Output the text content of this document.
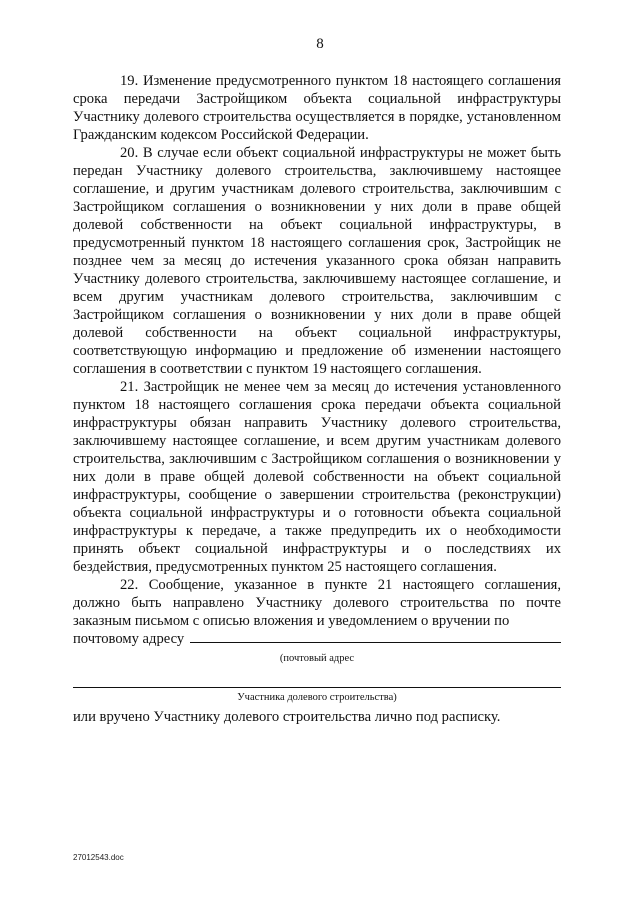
8

19. Изменение предусмотренного пунктом 18 настоящего соглашения срока передачи Застройщиком объекта социальной инфраструктуры Участнику долевого строительства осуществляется в порядке, установленном Гражданским кодексом Российской Федерации.

20. В случае если объект социальной инфраструктуры не может быть передан Участнику долевого строительства, заключившему настоящее соглашение, и другим участникам долевого строительства, заключившим с Застройщиком соглашения о возникновении у них доли в праве общей долевой собственности на объект социальной инфраструктуры, в предусмотренный пунктом 18 настоящего соглашения срок, Застройщик не позднее чем за месяц до истечения указанного срока обязан направить Участнику долевого строительства, заключившему настоящее соглашение, и всем другим участникам долевого строительства, заключившим с Застройщиком соглашения о возникновении у них доли в праве общей долевой собственности на объект социальной инфраструктуры, соответствующую информацию и предложение об изменении настоящего соглашения в соответствии с пунктом 19 настоящего соглашения.

21. Застройщик не менее чем за месяц до истечения установленного пунктом 18 настоящего соглашения срока передачи объекта социальной инфраструктуры обязан направить Участнику долевого строительства, заключившему настоящее соглашение, и всем другим участникам долевого строительства, заключившим с Застройщиком соглашения о возникновении у них доли в праве общей долевой собственности на объект социальной инфраструктуры, сообщение о завершении строительства (реконструкции) объекта социальной инфраструктуры и о готовности объекта социальной инфраструктуры к передаче, а также предупредить их о необходимости принять объект социальной инфраструктуры и о последствиях их бездействия, предусмотренных пунктом 25 настоящего соглашения.

22. Сообщение, указанное в пункте 21 настоящего соглашения, должно быть направлено Участнику долевого строительства по почте заказным письмом с описью вложения и уведомлением о вручении по

почтовому адресу

(почтовый адрес

Участника долевого строительства)

или вручено Участнику долевого строительства лично под расписку.

27012543.doc
